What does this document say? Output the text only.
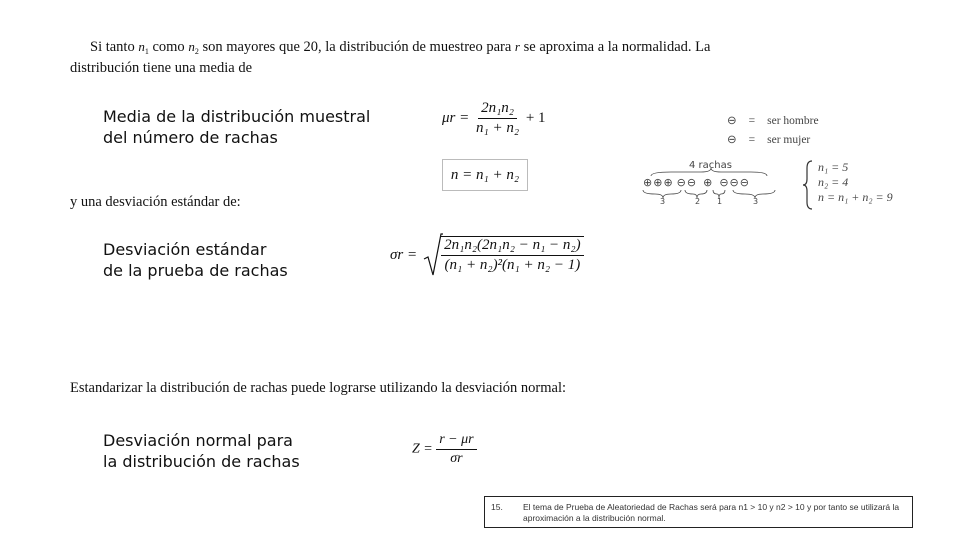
Si tanto $n_1$ como $n_2$ son mayores que 20, la distribución de muestreo para r se aproxima a la normalidad. La
distribución tiene una media de
Media de la distribución muestral
del número de rachas
$\mu r = \frac{\text{2n₁n₂}}{\text{n₁ + n₂}} + 1$
n = n₁ + n₂
⊖ = ser hombre
⊖ = ser mujer
4 rachas
⊕ ⊕ ⊕ ⊖ ⊖ ⊕ ⊖ ⊖ ⊖
3	2 1	3
n₁ = 5
n₂ = 4
n = n₁ + n₂ = 9
y una desviación estándar de:
Desviación estándar
de la prueba de rachas
$\sigma r = \frac{\text{2n₁n₂(2n₁n₂ − n₁ − n₂)}}{\text{(n₁ + n₂)²(n₁ + n₂ − 1)}}$
Estandarizar la distribución de rachas puede lograrse utilizando la desviación normal:
Desviación normal para
la distribución de rachas
$Z = \frac{r - \mu r}{\sigma r}$
15. El tema de Prueba de Aleatoriedad de Rachas será para n1 > 10 y n2 > 10 y por tanto se utilizará la aproximación a la distribución normal.
